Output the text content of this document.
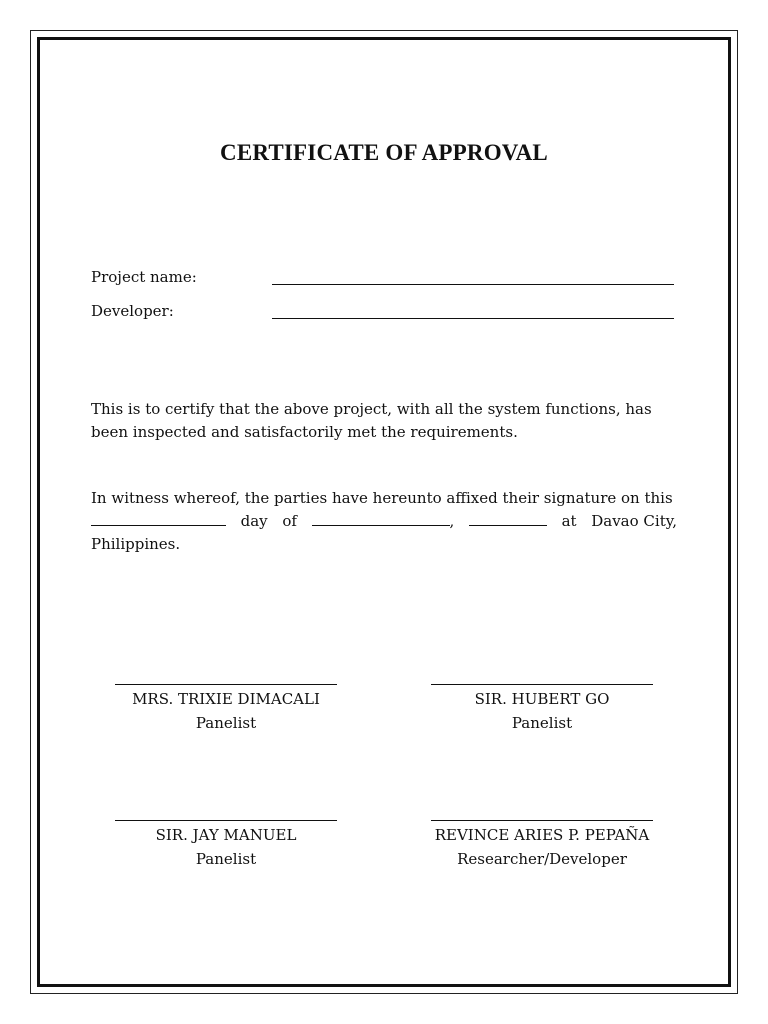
CERTIFICATE OF APPROVAL
Project name:
Developer:

This is to certify that the above project, with all the system functions, has been inspected and satisfactorily met the requirements.

In witness whereof, the parties have hereunto affixed their signature on this
day of	,	at Davao City,
Philippines.
MRS. TRIXIE DIMACALI
Panelist
SIR. HUBERT GO
Panelist
SIR. JAY MANUEL
Panelist
REVINCE ARIES P. PEPAÑA
Researcher/Developer
